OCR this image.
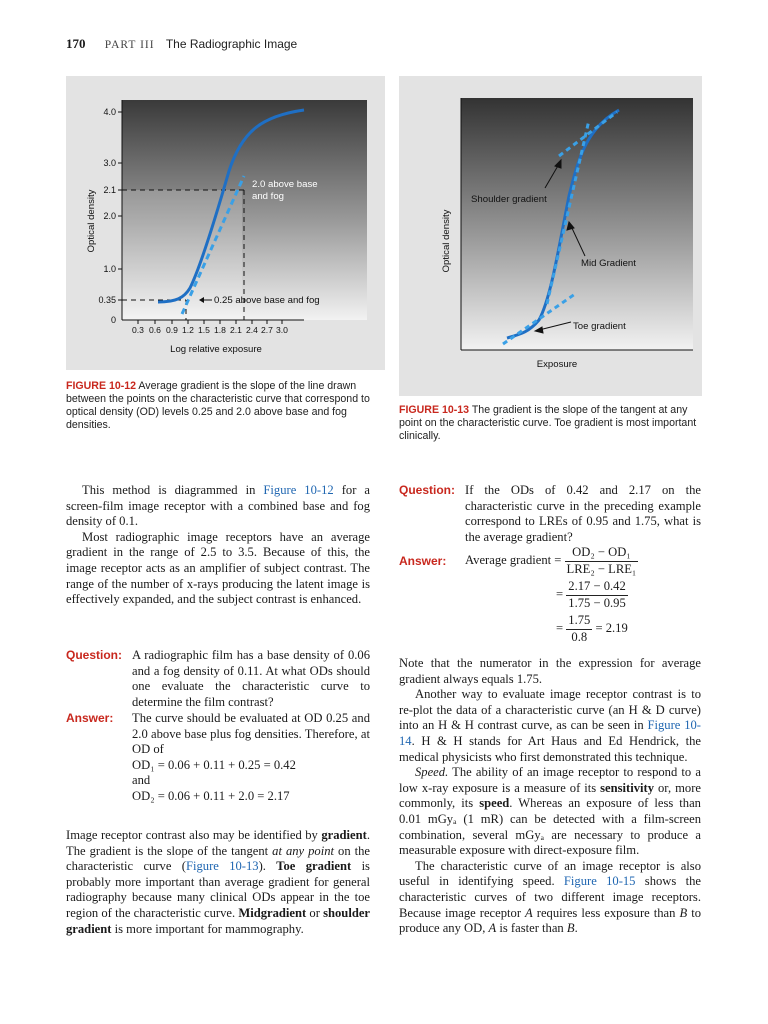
170 PART III The Radiographic Image
4.0
3.0
2.1
2.0
1.0
0.35
0
0.3 0.6 0.9 1.2 1.5 1.8 2.1 2.4 2.7 3.0
2.0 above base
and fog
0.25 above base and fog
Log relative exposure
Optical density
FIGURE 10-12 Average gradient is the slope of the line drawn between the points on the characteristic curve that correspond to optical density (OD) levels 0.25 and 2.0 above base and fog densities.
Shoulder gradient
Mid Gradient
Toe gradient
Exposure
Optical density
FIGURE 10-13 The gradient is the slope of the tangent at any point on the characteristic curve. Toe gradient is most important clinically.

This method is diagrammed in Figure 10-12 for a screen-film image receptor with a combined base and fog density of 0.1.

Most radiographic image receptors have an average gradient in the range of 2.5 to 3.5. Because of this, the image receptor acts as an amplifier of subject contrast. The range of the number of x-rays producing the latent image is effectively expanded, and the subject contrast is enhanced.

Question: A radiographic film has a base density of 0.06 and a fog density of 0.11. At what ODs should one evaluate the characteristic curve to determine the film contrast?
Answer: The curve should be evaluated at OD 0.25 and 2.0 above base plus fog densities. Therefore, at OD of
OD₁ = 0.06 + 0.11 + 0.25 = 0.42
and
OD₂ = 0.06 + 0.11 + 2.0 = 2.17

Image receptor contrast also may be identified by gradient. The gradient is the slope of the tangent at any point on the characteristic curve (Figure 10-13). Toe gradient is probably more important than average gradient for general radiography because many clinical ODs appear in the toe region of the characteristic curve. Midgradient or shoulder gradient is more important for mammography.

Question: If the ODs of 0.42 and 2.17 on the characteristic curve in the preceding example correspond to LREs of 0.95 and 1.75, what is the average gradient?
Answer: Average gradient = $\frac{\text{OD₂ − OD₁}}{\text{LRE₂ − LRE₁}}$
= $\frac{2.17 - 0.42}{1.75 - 0.95}$
= $\frac{1.75}{0.8} = 2.19$

Note that the numerator in the expression for average gradient always equals 1.75.

Another way to evaluate image receptor contrast is to re-plot the data of a characteristic curve (an H & D curve) into an H & H contrast curve, as can be seen in Figure 10-14. H & H stands for Art Haus and Ed Hendrick, the medical physicists who first demonstrated this technique.

Speed. The ability of an image receptor to respond to a low x-ray exposure is a measure of its sensitivity or, more commonly, its speed. Whereas an exposure of less than 0.01 mGyₐ (1 mR) can be detected with a film-screen combination, several mGyₐ are necessary to produce a measurable exposure with direct-exposure film.

The characteristic curve of an image receptor is also useful in identifying speed. Figure 10-15 shows the characteristic curves of two different image receptors. Because image receptor A requires less exposure than B to produce any OD, A is faster than B.
